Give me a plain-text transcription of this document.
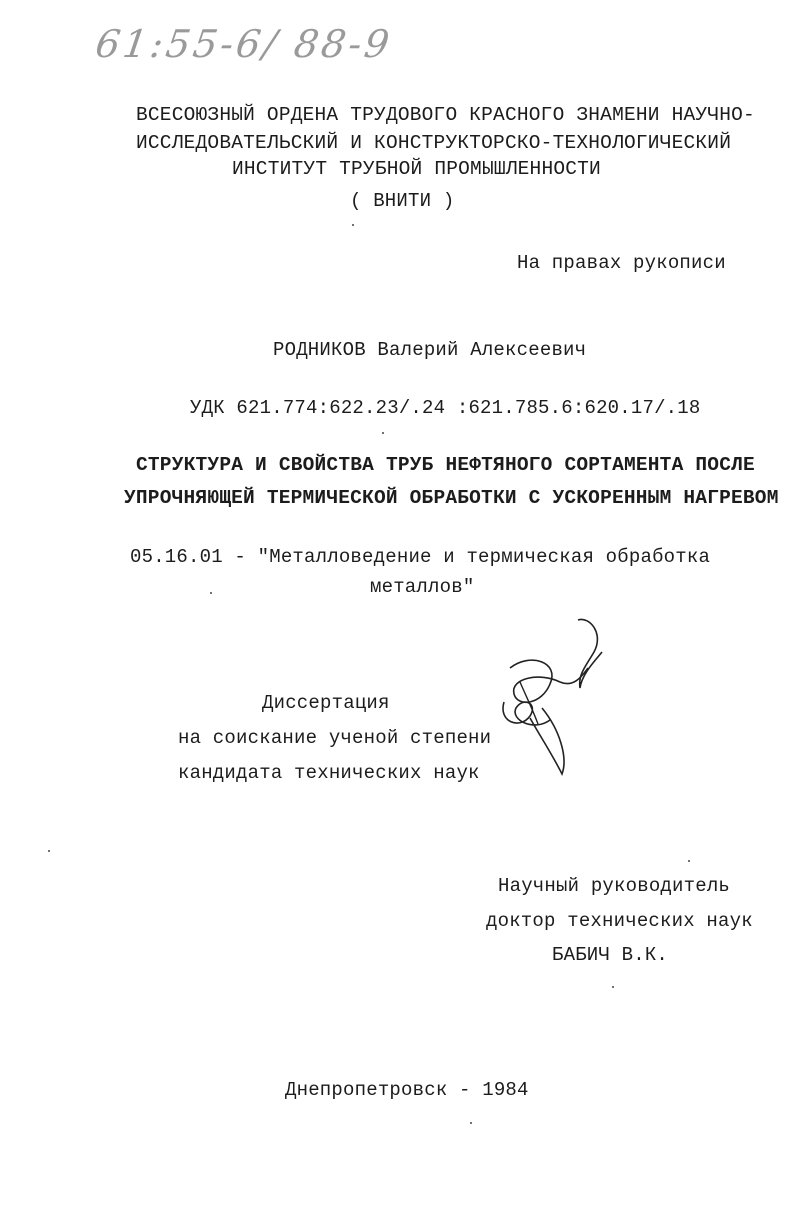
61:55-6/ 88-9
ВСЕСОЮЗНЫЙ ОРДЕНА ТРУДОВОГО КРАСНОГО ЗНАМЕНИ НАУЧНО-
ИССЛЕДОВАТЕЛЬСКИЙ И КОНСТРУКТОРСКО-ТЕХНОЛОГИЧЕСКИЙ
ИНСТИТУТ ТРУБНОЙ ПРОМЫШЛЕННОСТИ
( ВНИТИ )
На правах рукописи
РОДНИКОВ Валерий Алексеевич
УДК 621.774:622.23/.24 :621.785.6:620.17/.18
СТРУКТУРА И СВОЙСТВА ТРУБ НЕФТЯНОГО СОРТАМЕНТА ПОСЛЕ
УПРОЧНЯЮЩЕЙ ТЕРМИЧЕСКОЙ ОБРАБОТКИ С УСКОРЕННЫМ НАГРЕВОМ
05.16.01 - "Металловедение и термическая обработка
металлов"
Диссертация
на соискание ученой степени
кандидата технических наук
Научный руководитель
доктор технических наук
БАБИЧ В.К.
Днепропетровск - 1984
